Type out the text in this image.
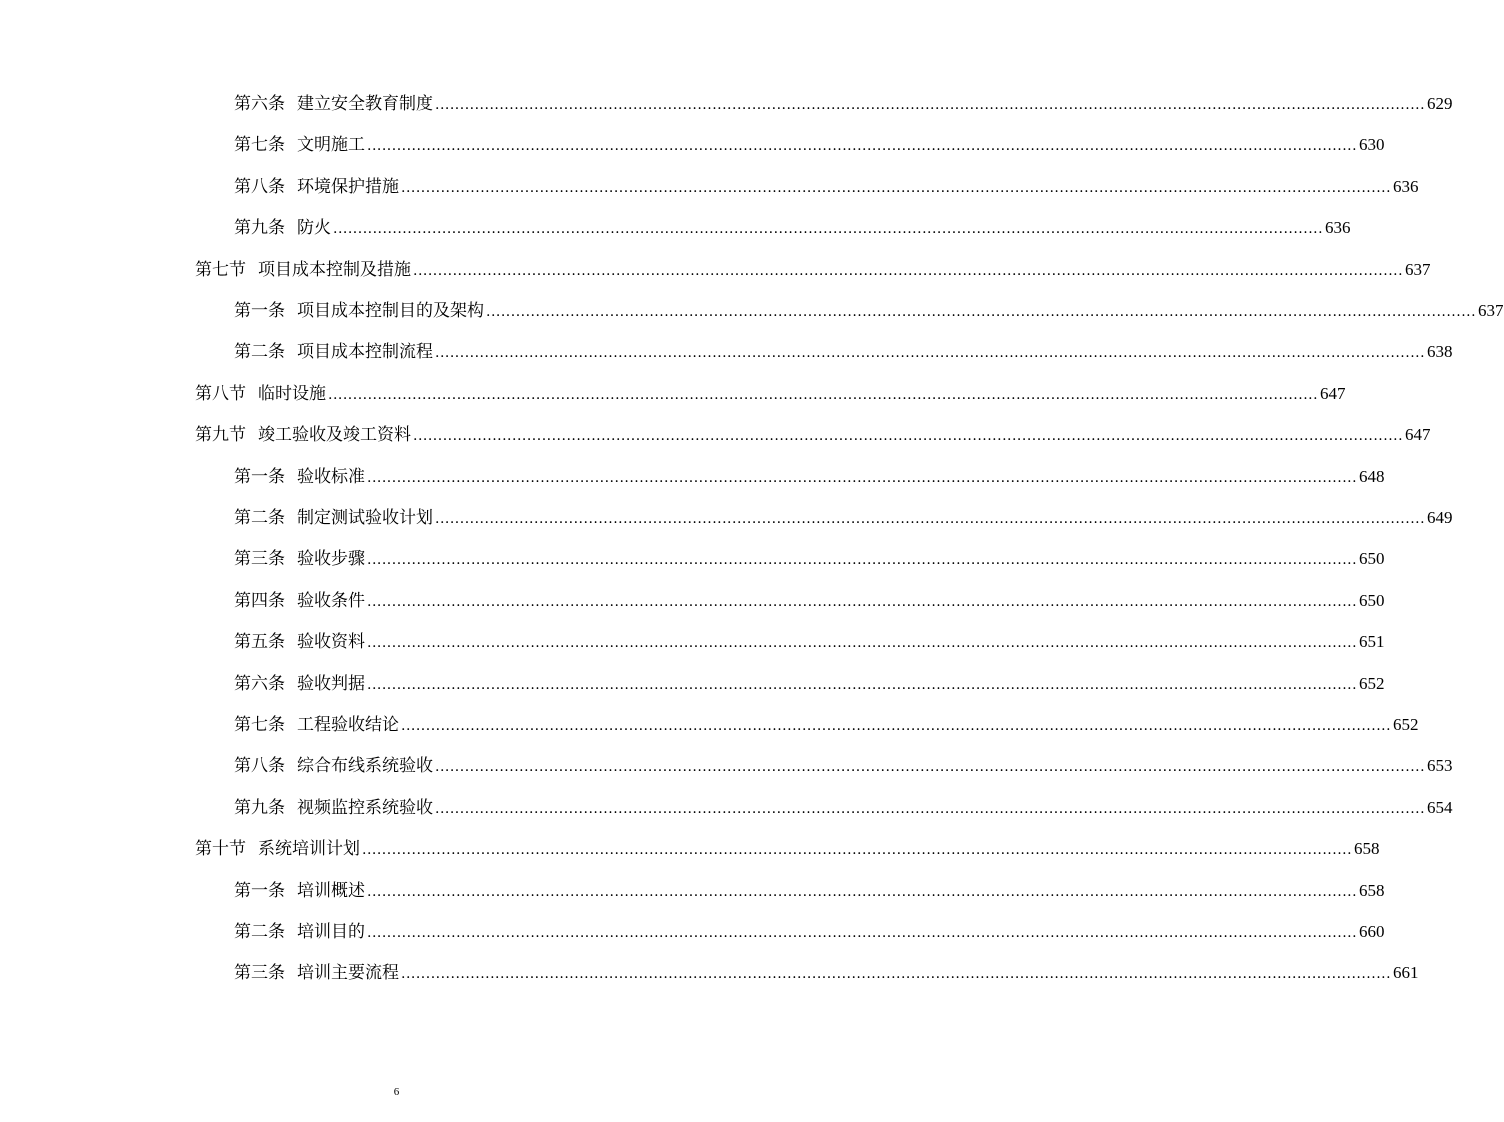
第六条 建立安全教育制度 ........................................................................................................................................................................................................ 629
第七条 文明施工 ........................................................................................................................................................................................................ 630
第八条 环境保护措施 ........................................................................................................................................................................................................ 636
第九条 防火 ........................................................................................................................................................................................................ 636
第七节 项目成本控制及措施 ........................................................................................................................................................................................................ 637
第一条 项目成本控制目的及架构 ........................................................................................................................................................................................................ 637
第二条 项目成本控制流程 ........................................................................................................................................................................................................ 638
第八节 临时设施 ........................................................................................................................................................................................................ 647
第九节 竣工验收及竣工资料 ........................................................................................................................................................................................................ 647
第一条 验收标准 ........................................................................................................................................................................................................ 648
第二条 制定测试验收计划 ........................................................................................................................................................................................................ 649
第三条 验收步骤 ........................................................................................................................................................................................................ 650
第四条 验收条件 ........................................................................................................................................................................................................ 650
第五条 验收资料 ........................................................................................................................................................................................................ 651
第六条 验收判据 ........................................................................................................................................................................................................ 652
第七条 工程验收结论 ........................................................................................................................................................................................................ 652
第八条 综合布线系统验收 ........................................................................................................................................................................................................ 653
第九条 视频监控系统验收 ........................................................................................................................................................................................................ 654
第十节 系统培训计划 ........................................................................................................................................................................................................ 658
第一条 培训概述 ........................................................................................................................................................................................................ 658
第二条 培训目的 ........................................................................................................................................................................................................ 660
第三条 培训主要流程 ........................................................................................................................................................................................................ 661
6
